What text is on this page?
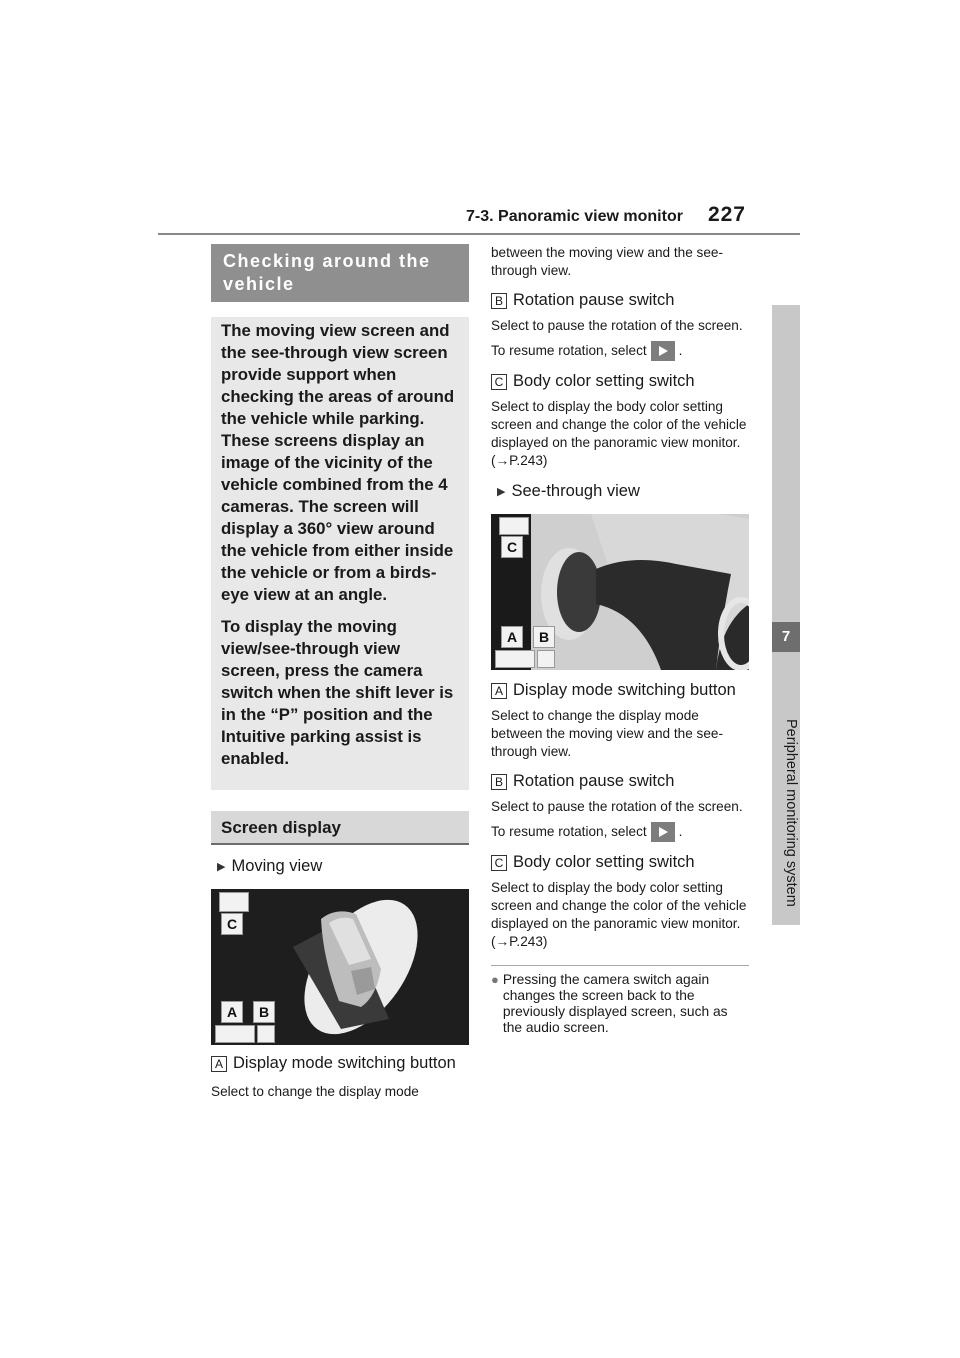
7-3. Panoramic view monitor 227
7
Peripheral monitoring system
Checking around the vehicle

The moving view screen and the see-through view screen provide support when checking the areas of around the vehicle while parking. These screens display an image of the vicinity of the vehicle combined from the 4 cameras. The screen will display a 360° view around the vehicle from either inside the vehicle or from a birds-eye view at an angle.

To display the moving view/see-through view screen, press the camera switch when the shift lever is in the “P” position and the Intuitive parking assist is enabled.

Screen display
▶ Moving view
C
A	B
A Display mode switching button
Select to change the display mode
between the moving view and the see-through view.
B Rotation pause switch
Select to pause the rotation of the screen.
To resume rotation, select .
C Body color setting switch
Select to display the body color setting screen and change the color of the vehicle displayed on the panoramic view monitor. (→P.243)
▶ See-through view
C
A	B
A Display mode switching button
Select to change the display mode between the moving view and the see-through view.
B Rotation pause switch
Select to pause the rotation of the screen.
To resume rotation, select .
C Body color setting switch
Select to display the body color setting screen and change the color of the vehicle displayed on the panoramic view monitor. (→P.243)
● Pressing the camera switch again changes the screen back to the previously displayed screen, such as the audio screen.
